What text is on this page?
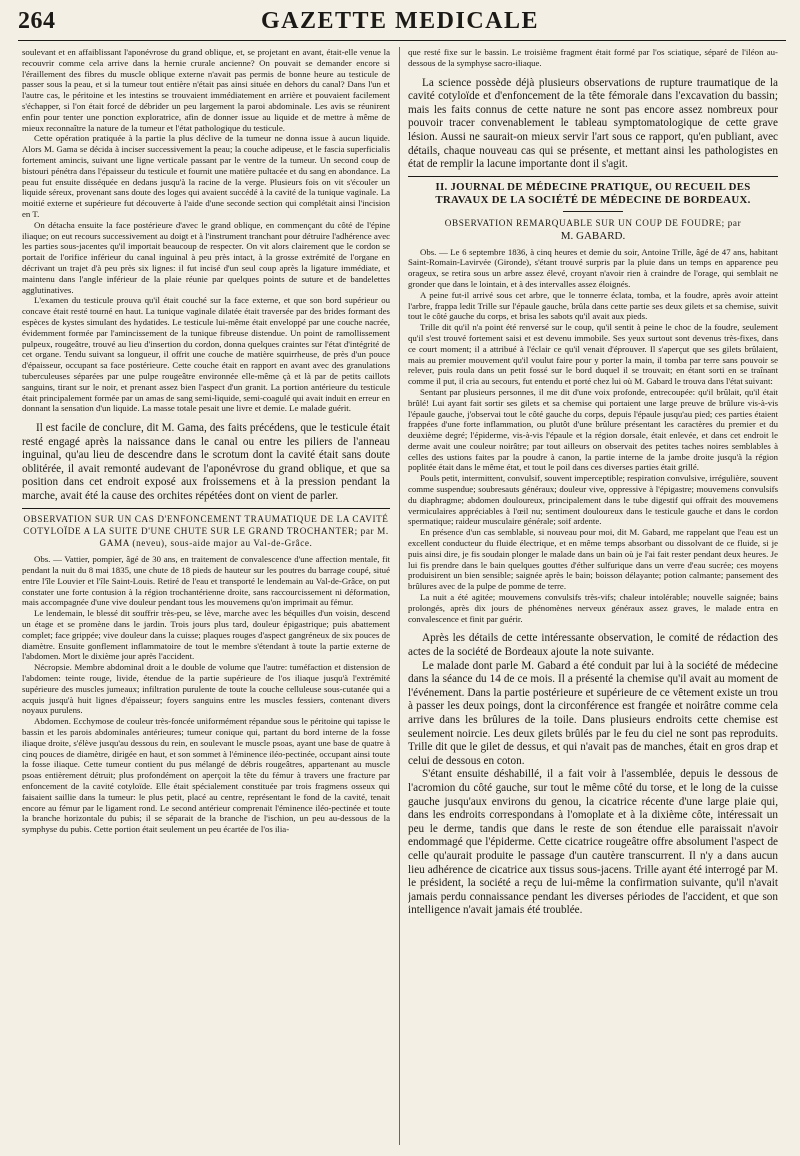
264	GAZETTE MEDICALE

soulevant et en affaiblissant l'aponévrose du grand oblique, et, se projetant en avant, était-elle venue la recouvrir comme cela arrive dans la hernie crurale ancienne? On pouvait se demander encore si l'éraillement des fibres du muscle oblique externe n'avait pas permis de bonne heure au testicule de passer sous la peau, et si la tumeur tout entière n'était pas ainsi située en dehors du canal? Dans l'un et l'autre cas, le péritoine et les intestins se trouvaient immédiatement en arrière et pouvaient facilement s'échapper, si l'on était forcé de débrider un peu largement la paroi abdominale. Les avis se réunirent enfin pour tenter une ponction exploratrice, afin de donner issue au liquide et de mettre à même de mieux reconnaître la nature de la tumeur et l'état pathologique du testicule.

Cette opération pratiquée à la partie la plus déclive de la tumeur ne donna issue à aucun liquide. Alors M. Gama se décida à inciser successivement la peau; la couche adipeuse, et le fascia superficialis fortement amincis, suivant une ligne verticale passant par le ventre de la tumeur. Un second coup de bistouri pénétra dans l'épaisseur du testicule et fournit une matière pultacée et du sang en abondance. La peau fut ensuite disséquée en dedans jusqu'à la racine de la verge. Plusieurs fois on vit s'écouler un liquide séreux, provenant sans doute des loges qui avaient succédé à la cavité de la tunique vaginale. La moitié externe et supérieure fut découverte à l'aide d'une seconde section qui complétait ainsi l'incision en T.

On détacha ensuite la face postérieure d'avec le grand oblique, en commençant du côté de l'épine iliaque; on eut recours successivement au doigt et à l'instrument tranchant pour détruire l'adhérence avec les parties sous-jacentes qu'il importait beaucoup de respecter. On vit alors clairement que le cordon se portait de l'orifice inférieur du canal inguinal à peu près intact, à la grosse extrémité de l'organe en décrivant un trajet d'à peu près six lignes: il fut incisé d'un seul coup après la ligature immédiate, et maintenu dans l'angle inférieur de la plaie réunie par quelques points de suture et de bandelettes agglutinatives.

L'examen du testicule prouva qu'il était couché sur la face externe, et que son bord supérieur ou concave était resté tourné en haut. La tunique vaginale dilatée était traversée par des brides formant des espèces de kystes simulant des hydatides. Le testicule lui-même était enveloppé par une couche nacrée, évidemment formée par l'amincissement de la tunique fibreuse distendue. Un point de ramollissement pulpeux, rougeâtre, trouvé au lieu d'insertion du cordon, donna quelques craintes sur l'état d'intégrité de cet organe. Tendu suivant sa longueur, il offrit une couche de matière squirrheuse, de près d'un pouce d'épaisseur, occupant sa face postérieure. Cette couche était en rapport en avant avec des granulations tuberculeuses séparées par une pulpe rougeâtre environnée elle-même çà et là par de petits caillots sanguins, tirant sur le noir, et prenant assez bien l'aspect d'un granit. La portion antérieure du testicule était principalement formée par un amas de sang semi-liquide, semi-coagulé qui avait induit en erreur en donnant la sensation d'un liquide. La masse totale pesait une livre et demie. Le malade guérit.

Il est facile de conclure, dit M. Gama, des faits précédens, que le testicule était resté engagé après la naissance dans le canal ou entre les piliers de l'anneau inguinal, qu'au lieu de descendre dans le scrotum dont la cavité était sans doute oblitérée, il avait remonté audevant de l'aponévrose du grand oblique, et que sa position dans cet endroit exposé aux froissemens et à la pression pendant la marche, avait été la cause des orchites répétées dont on vient de parler.

OBSERVATION SUR UN CAS D'ENFONCEMENT TRAUMATIQUE DE LA CAVITÉ COTYLOÏDE A LA SUITE D'UNE CHUTE SUR LE GRAND TROCHANTER; par M. GAMA (neveu), sous-aide major au Val-de-Grâce.

Obs. — Vattier, pompier, âgé de 30 ans, en traitement de convalescence d'une affection mentale, fit pendant la nuit du 8 mai 1835, une chute de 18 pieds de hauteur sur les poutres du barrage coupé, situé entre l'île Louvier et l'île Saint-Louis. Retiré de l'eau et transporté le lendemain au Val-de-Grâce, on put constater une forte contusion à la région trochantérienne droite, sans raccourcissement ni déformation, mais accompagnée d'une vive douleur pendant tous les mouvemens qu'on imprimait au fémur.

Le lendemain, le blessé dit souffrir très-peu, se lève, marche avec les béquilles d'un voisin, descend un étage et se promène dans le jardin. Trois jours plus tard, douleur épigastrique; puis abattement complet; face grippée; vive douleur dans la cuisse; plaques rouges d'aspect gangréneux de six pouces de diamètre. Ensuite gonflement inflammatoire de tout le membre s'étendant à toute la partie externe de l'abdomen. Mort le dixième jour après l'accident.

Nécropsie. Membre abdominal droit a le double de volume que l'autre: tuméfaction et distension de l'abdomen: teinte rouge, livide, étendue de la partie supérieure de l'os iliaque jusqu'à l'extrémité supérieure des muscles jumeaux; infiltration purulente de toute la couche celluleuse sous-cutanée qui a acquis jusqu'à huit lignes d'épaisseur; foyers sanguins entre les muscles fessiers, contenant divers noyaux purulens.

Abdomen. Ecchymose de couleur très-foncée uniformément répandue sous le péritoine qui tapisse le bassin et les parois abdominales antérieures; tumeur conique qui, partant du bord interne de la fosse iliaque droite, s'élève jusqu'au dessous du rein, en soulevant le muscle psoas, ayant une base de quatre à cinq pouces de diamètre, dirigée en haut, et son sommet à l'éminence iléo-pectinée, occupant ainsi toute la fosse iliaque. Cette tumeur contient du pus mélangé de débris rougeâtres, appartenant au muscle psoas entièrement détruit; plus profondément on aperçoit la tête du fémur à travers une fracture par enfoncement de la cavité cotyloïde. Elle était spécialement constituée par trois fragmens osseux qui faisaient saillie dans la tumeur: le plus petit, placé au centre, représentant le fond de la cavité, tenait encore au fémur par le ligament rond. Le second antérieur comprenait l'éminence iléo-pectinée et toute la branche horizontale du pubis; il se séparait de la branche de l'ischion, un peu au-dessous de la symphyse du pubis. Cette portion était seulement un peu écartée de l'os ilia-

que resté fixe sur le bassin. Le troisième fragment était formé par l'os sciatique, séparé de l'iléon au-dessous de la symphyse sacro-iliaque.

La science possède déjà plusieurs observations de rupture traumatique de la cavité cotyloïde et d'enfoncement de la tête fémorale dans l'excavation du bassin; mais les faits connus de cette nature ne sont pas encore assez nombreux pour pouvoir tracer convenablement le tableau symptomatologique de cette grave lésion. Aussi ne saurait-on mieux servir l'art sous ce rapport, qu'en publiant, avec détails, chaque nouveau cas qui se présente, et mettant ainsi les pathologistes en état de remplir la lacune importante dont il s'agit.

II. JOURNAL DE MÉDECINE PRATIQUE, OU RECUEIL DES TRAVAUX DE LA SOCIÉTÉ DE MÉDECINE DE BORDEAUX.

OBSERVATION REMARQUABLE SUR UN COUP DE FOUDRE; par

M. GABARD.

Obs. — Le 6 septembre 1836, à cinq heures et demie du soir, Antoine Trille, âgé de 47 ans, habitant Saint-Romain-Lavirvée (Gironde), s'étant trouvé surpris par la pluie dans un temps en apparence peu orageux, se retira sous un arbre assez élevé, croyant n'avoir rien à craindre de l'orage, qui semblait ne gronder que dans le lointain, et à des intervalles assez éloignés.

A peine fut-il arrivé sous cet arbre, que le tonnerre éclata, tomba, et la foudre, après avoir atteint l'arbre, frappa ledit Trille sur l'épaule gauche, brûla dans cette partie ses deux gilets et sa chemise, suivit tout le côté gauche du corps, et brisa les sabots qu'il avait aux pieds.

Trille dit qu'il n'a point été renversé sur le coup, qu'il sentit à peine le choc de la foudre, seulement qu'il s'est trouvé fortement saisi et est devenu immobile. Ses yeux surtout sont devenus très-fixes, dans ce court moment; il a attribué à l'éclair ce qu'il venait d'éprouver. Il s'aperçut que ses gilets brûlaient, mais au premier mouvement qu'il voulut faire pour y porter la main, il tomba par terre sans pouvoir se relever, puis roula dans un petit fossé sur le bord duquel il se trouvait; en étant sorti en se traînant comme il put, il cria au secours, fut entendu et porté chez lui où M. Gabard le trouva dans l'état suivant:

Sentant par plusieurs personnes, il me dit d'une voix profonde, entrecoupée: qu'il brûlait, qu'il était brûlé! Lui ayant fait sortir ses gilets et sa chemise qui portaient une large preuve de brûlure vis-à-vis l'épaule gauche, j'observai tout le côté gauche du corps, depuis l'épaule jusqu'au pied; ces parties étaient frappées d'une forte inflammation, ou plutôt d'une brûlure présentant les caractères du premier et du deuxième degré; l'épiderme, vis-à-vis l'épaule et la région dorsale, était enlevée, et dans cet endroit le derme avait une couleur noirâtre; par tout ailleurs on observait des petites taches noires semblables à celles des ustions faites par la poudre à canon, la partie interne de la jambe droite jusqu'à la région poplitée était dans le même état, et tout le poil dans ces diverses parties était grillé.

Pouls petit, intermittent, convulsif, souvent imperceptible; respiration convulsive, irrégulière, souvent comme suspendue; soubresauts généraux; douleur vive, oppressive à l'épigastre; mouvemens convulsifs du diaphragme; abdomen douloureux, principalement dans le tube digestif qui offrait des mouvemens vermiculaires appréciables à l'œil nu; sentiment douloureux dans le testicule gauche et dans le cordon spermatique; raideur musculaire générale; soif ardente.

En présence d'un cas semblable, si nouveau pour moi, dit M. Gabard, me rappelant que l'eau est un excellent conducteur du fluide électrique, et en même temps absorbant ou dissolvant de ce fluide, si je puis ainsi dire, je fis soudain plonger le malade dans un bain où je l'ai fait rester pendant deux heures. Je lui fis prendre dans le bain quelques gouttes d'éther sulfurique dans un verre d'eau sucrée; ces moyens produisirent un bien sensible; saignée après le bain; boisson délayante; potion calmante; pansement des brûlures avec de la pulpe de pomme de terre.

La nuit a été agitée; mouvemens convulsifs très-vifs; chaleur intolérable; nouvelle saignée; bains prolongés, après dix jours de phénomènes nerveux généraux assez graves, le malade entra en convalescence et finit par guérir.

Après les détails de cette intéressante observation, le comité de rédaction des actes de la société de Bordeaux ajoute la note suivante.

Le malade dont parle M. Gabard a été conduit par lui à la société de médecine dans la séance du 14 de ce mois. Il a présenté la chemise qu'il avait au moment de l'événement. Dans la partie postérieure et supérieure de ce vêtement existe un trou à passer les deux poings, dont la circonférence est frangée et noirâtre comme cela arrive dans les brûlures de la toile. Dans plusieurs endroits cette chemise est seulement noircie. Les deux gilets brûlés par le feu du ciel ne sont pas reproduits. Trille dit que le gilet de dessus, et qui n'avait pas de manches, était en gros drap et celui de dessous en coton.

S'étant ensuite déshabillé, il a fait voir à l'assemblée, depuis le dessous de l'acromion du côté gauche, sur tout le même côté du torse, et le long de la cuisse gauche jusqu'aux environs du genou, la cicatrice récente d'une large plaie qui, dans les endroits correspondans à l'omoplate et à la dixième côte, intéressait un peu le derme, tandis que dans le reste de son étendue elle paraissait n'avoir endommagé que l'épiderme. Cette cicatrice rougeâtre offre absolument l'aspect de celle qu'aurait produite le passage d'un cautère transcurrent. Il n'y a dans aucun lieu adhérence de cicatrice aux tissus sous-jacens. Trille ayant été interrogé par M. le président, la société a reçu de lui-même la confirmation suivante, qu'il n'avait jamais perdu connaissance pendant les diverses périodes de l'accident, et que son intelligence n'avait jamais été troublée.
